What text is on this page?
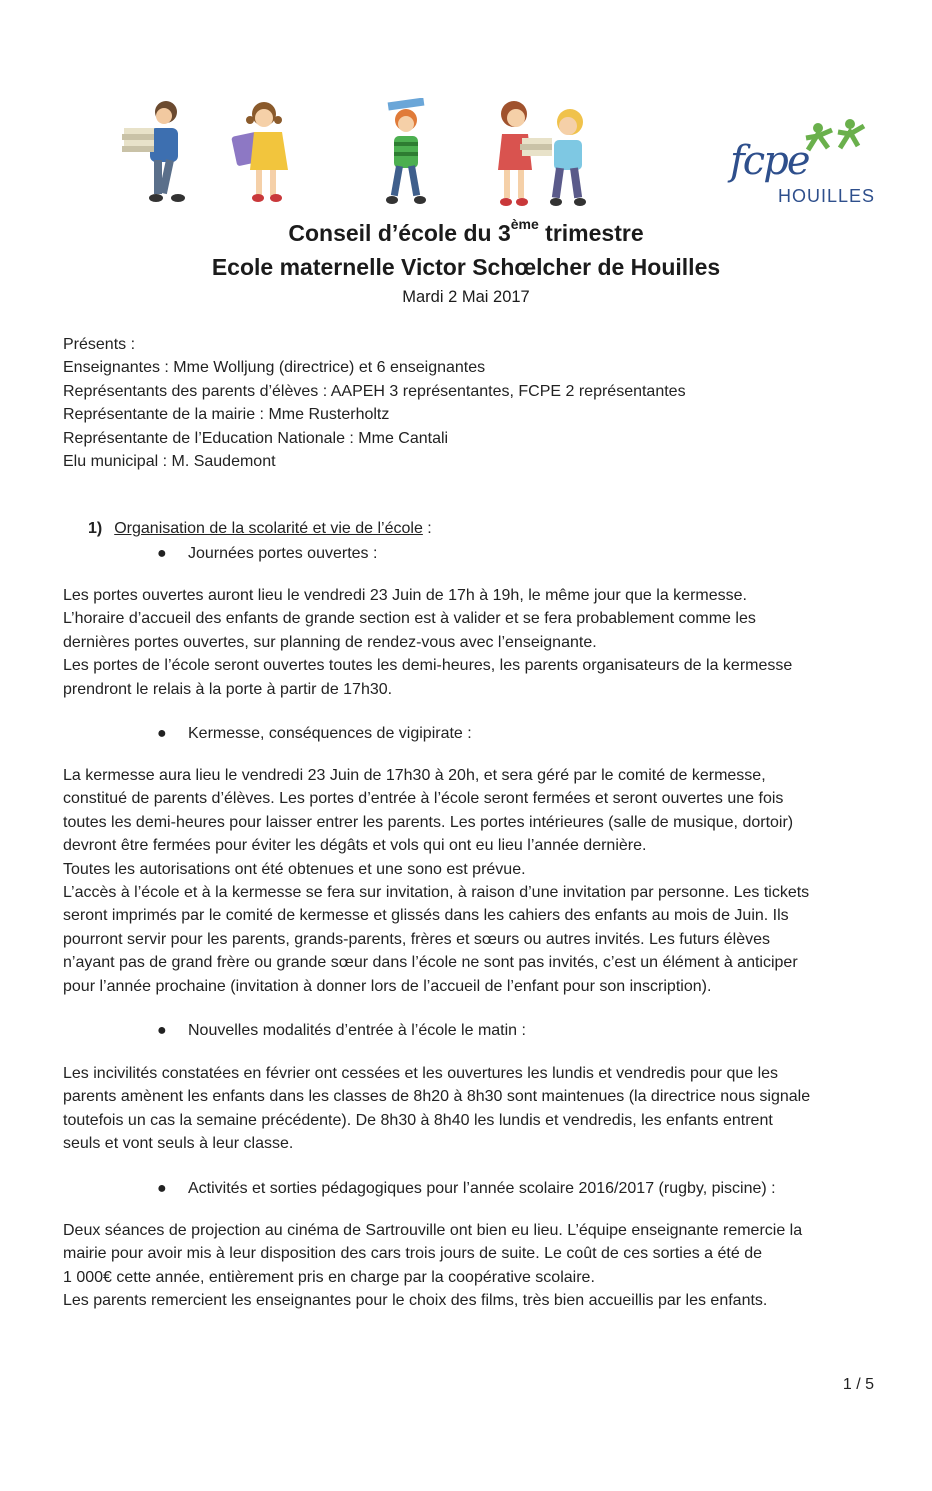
fcpe
HOUILLES
Conseil d’école du 3ème trimestre
Ecole maternelle Victor Schœlcher de Houilles
Mardi 2 Mai 2017
Présents :
Enseignantes : Mme Wolljung (directrice) et 6 enseignantes
Représentants des parents d’élèves : AAPEH 3 représentantes, FCPE 2 représentantes
Représentante de la mairie : Mme Rusterholtz
Représentante de l’Education Nationale : Mme Cantali
Elu municipal : M. Saudemont
1) Organisation de la scolarité et vie de l’école :
● Journées portes ouvertes :
Les portes ouvertes auront lieu le vendredi 23 Juin de 17h à 19h, le même jour que la kermesse.
L’horaire d’accueil des enfants de grande section est à valider et se fera probablement comme les
dernières portes ouvertes, sur planning de rendez-vous avec l’enseignante.
Les portes de l’école seront ouvertes toutes les demi-heures, les parents organisateurs de la kermesse
prendront le relais à la porte à partir de 17h30.
● Kermesse, conséquences de vigipirate :
La kermesse aura lieu le vendredi 23 Juin de 17h30 à 20h, et sera géré par le comité de kermesse,
constitué de parents d’élèves. Les portes d’entrée à l’école seront fermées et seront ouvertes une fois
toutes les demi-heures pour laisser entrer les parents. Les portes intérieures (salle de musique, dortoir)
devront être fermées pour éviter les dégâts et vols qui ont eu lieu l’année dernière.
Toutes les autorisations ont été obtenues et une sono est prévue.
L’accès à l’école et à la kermesse se fera sur invitation, à raison d’une invitation par personne. Les tickets
seront imprimés par le comité de kermesse et glissés dans les cahiers des enfants au mois de Juin. Ils
pourront servir pour les parents, grands-parents, frères et sœurs ou autres invités. Les futurs élèves
n’ayant pas de grand frère ou grande sœur dans l’école ne sont pas invités, c’est un élément à anticiper
pour l’année prochaine (invitation à donner lors de l’accueil de l’enfant pour son inscription).
● Nouvelles modalités d’entrée à l’école le matin :
Les incivilités constatées en février ont cessées et les ouvertures les lundis et vendredis pour que les
parents amènent les enfants dans les classes de 8h20 à 8h30 sont maintenues (la directrice nous signale
toutefois un cas la semaine précédente). De 8h30 à 8h40 les lundis et vendredis, les enfants entrent
seuls et vont seuls à leur classe.
● Activités et sorties pédagogiques pour l’année scolaire 2016/2017 (rugby, piscine) :
Deux séances de projection au cinéma de Sartrouville ont bien eu lieu. L’équipe enseignante remercie la
mairie pour avoir mis à leur disposition des cars trois jours de suite. Le coût de ces sorties a été de
1 000€ cette année, entièrement pris en charge par la coopérative scolaire.
Les parents remercient les enseignantes pour le choix des films, très bien accueillis par les enfants.
1 / 5
